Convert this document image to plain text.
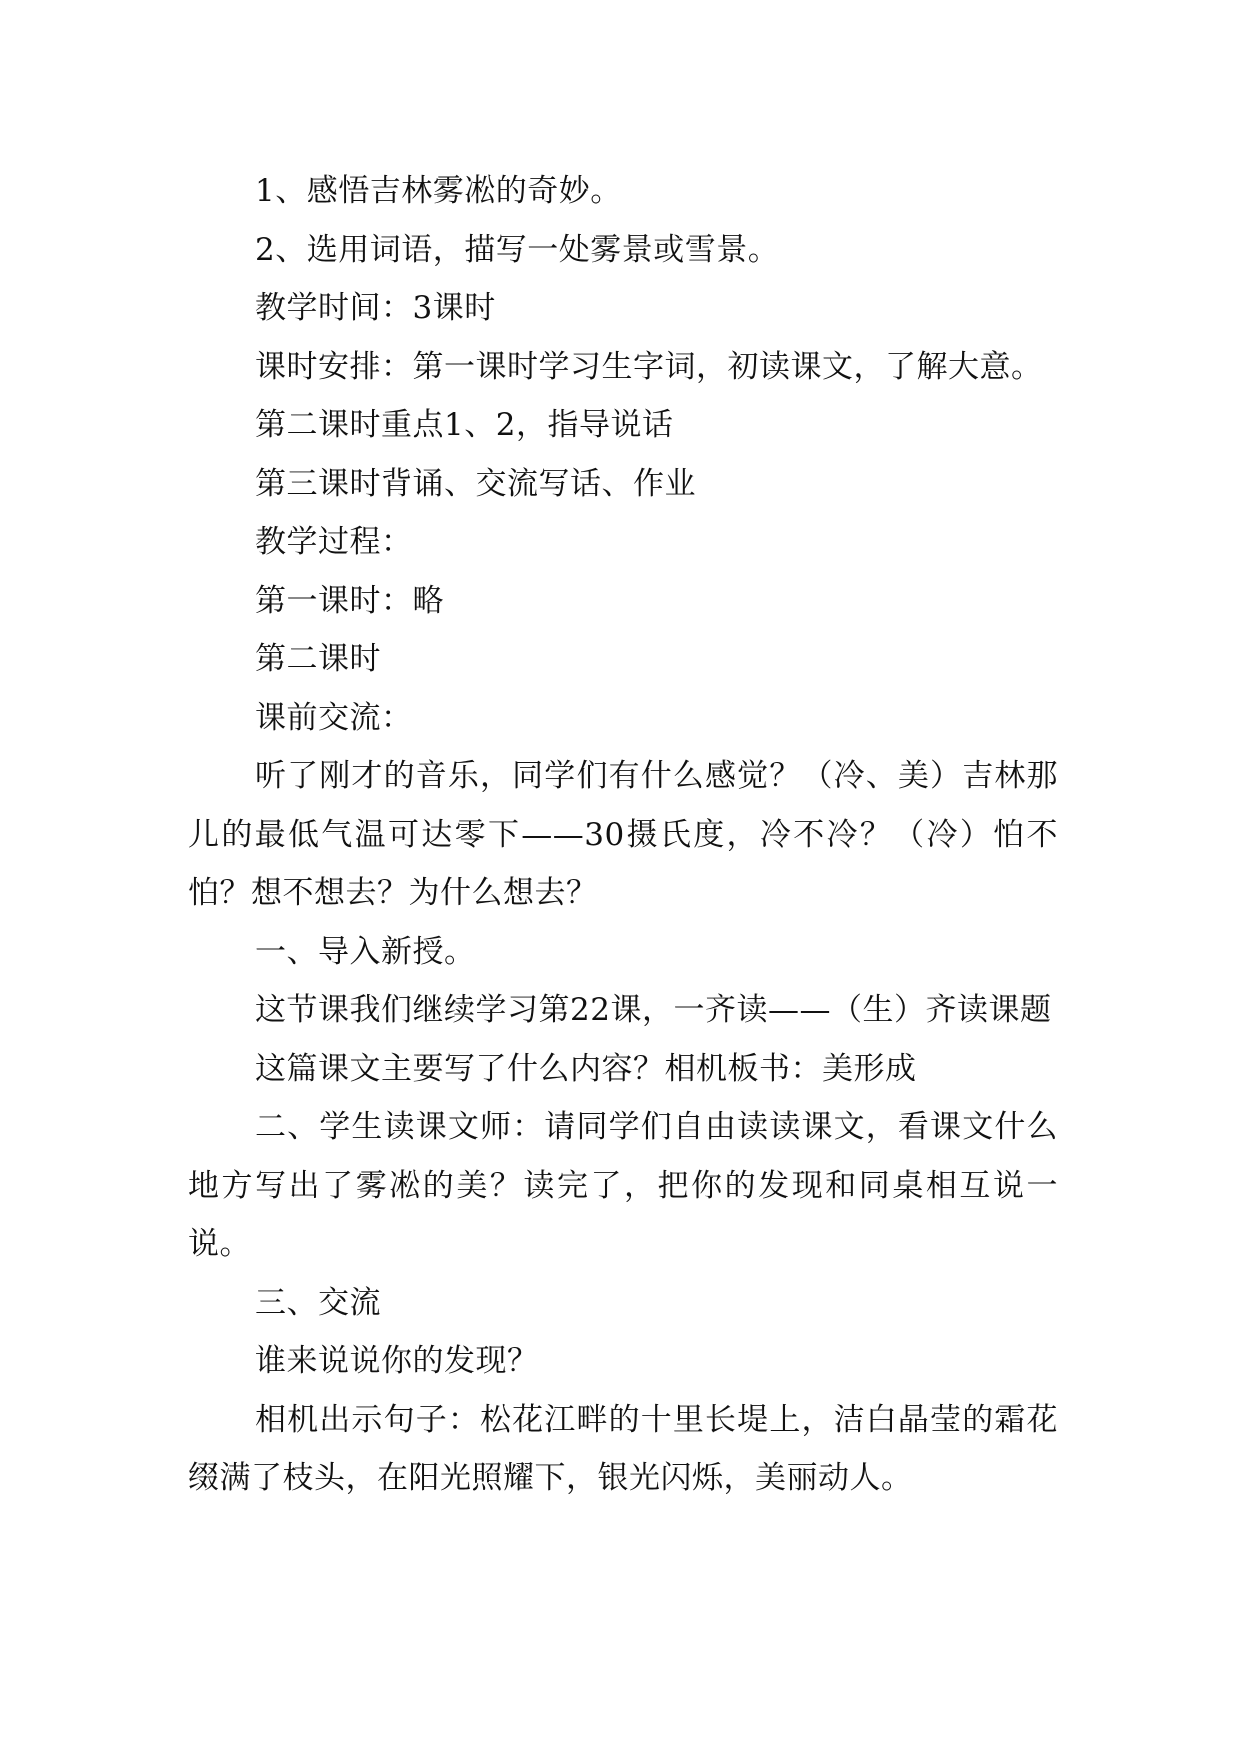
1、感悟吉林雾凇的奇妙。

2、选用词语，描写一处雾景或雪景。

教学时间：3课时

课时安排：第一课时学习生字词，初读课文，了解大意。

第二课时重点1、2，指导说话

第三课时背诵、交流写话、作业

教学过程：

第一课时：略

第二课时

课前交流：

听了刚才的音乐，同学们有什么感觉？（冷、美）吉林那儿的最低气温可达零下——30摄氏度，冷不冷？（冷）怕不怕？想不想去？为什么想去？

一、导入新授。

这节课我们继续学习第22课，一齐读——（生）齐读课题

这篇课文主要写了什么内容？相机板书：美形成

二、学生读课文师：请同学们自由读读课文，看课文什么地方写出了雾凇的美？读完了，把你的发现和同桌相互说一说。

三、交流

谁来说说你的发现？

相机出示句子：松花江畔的十里长堤上，洁白晶莹的霜花缀满了枝头，在阳光照耀下，银光闪烁，美丽动人。
